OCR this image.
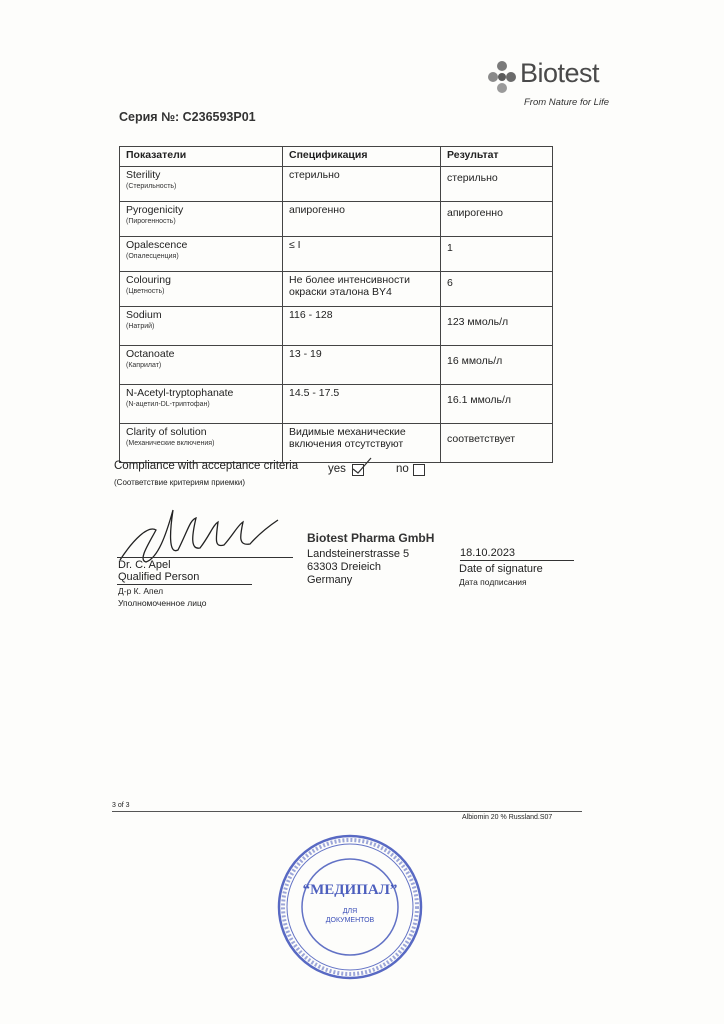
Biotest
From Nature for Life
Серия №: C236593P01
Показатели	Спецификация	Результат

Sterility
(Стерильность)	стерильно	стерильно

Pyrogenicity
(Пирогенность)	апирогенно	апирогенно

Opalescence
(Опалесценция)	≤ I	1

Colouring
(Цветность)	Не более интенсивности окраски эталона BY4	6

Sodium
(Натрий)	116 - 128	123 ммоль/л

Octanoate
(Каприлат)	13 - 19	16 ммоль/л

N-Acetyl-tryptophanate
(N-ацетил-DL-триптофан)	14.5 - 17.5	16.1 ммоль/л

Clarity of solution
(Механические включения)	Видимые механические включения отсутствуют	соответствует
Compliance with acceptance criteria
(Соответствие критериям приемки)
yes	no
Dr. C. Apel
Qualified Person
Д-р К. Апел
Уполномоченное лицо
Biotest Pharma GmbH
Landsteinerstrasse 5
63303 Dreieich
Germany
18.10.2023
Date of signature
Дата подписания
3 of 3
Albiomin 20 % Russland.S07
“МЕДИПАЛ”
ДЛЯ
ДОКУМЕНТОВ
